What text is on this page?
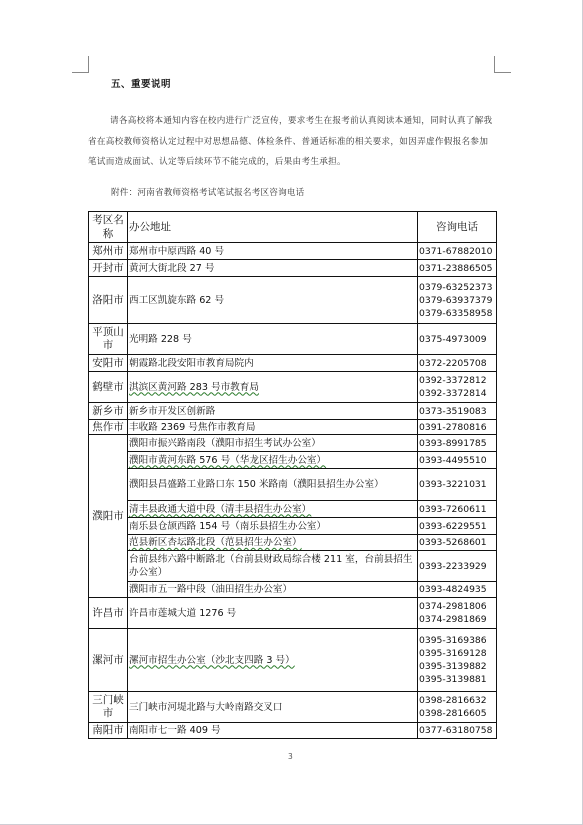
五、重要说明

请各高校将本通知内容在校内进行广泛宣传，要求考生在报考前认真阅读本通知，同时认真了解我省在高校教师资格认定过程中对思想品德、体检条件、普通话标准的相关要求，如因弄虚作假报名参加笔试而造成面试、认定等后续环节不能完成的，后果由考生承担。

附件：河南省教师资格考试笔试报名考区咨询电话
考区名称	办公地址	咨询电话
郑州市	郑州市中原西路 40 号	0371-67882010

开封市	黄河大街北段 27 号	0371-23886505

洛阳市	西工区凯旋东路 62 号	0379-63252373
0379-63937379
0379-63358958

平顶山市	光明路 228 号	0375-4973009

安阳市	朝霞路北段安阳市教育局院内	0372-2205708

鹤壁市	淇滨区黄河路 283 号市教育局	0392-3372812
0392-3372814

新乡市	新乡市开发区创新路	0373-3519083

焦作市	丰收路 2369 号焦作市教育局	0391-2780816

濮阳市	濮阳市振兴路南段（濮阳市招生考试办公室）	0393-8991785

	濮阳市黄河东路 576 号（华龙区招生办公室）	0393-4495510

	濮阳县昌盛路工业路口东 150 米路南（濮阳县招生办公室）	0393-3221031

	清丰县政通大道中段（清丰县招生办公室）	0393-7260611

	南乐县仓颉西路 154 号（南乐县招生办公室）	0393-6229551

	范县新区杏坛路北段（范县招生办公室）	0393-5268601

	台前县纬六路中断路北（台前县财政局综合楼 211 室，台前县招生办公室）	0393-2233929

	濮阳市五一路中段（油田招生办公室）	0393-4824935

许昌市	许昌市莲城大道 1276 号	0374-2981806
0374-2981869

漯河市	漯河市招生办公室（沙北支四路 3 号）	0395-3169386
0395-3169128
0395-3139882
0395-3139881

三门峡市	三门峡市河堤北路与大岭南路交叉口	0398-2816632
0398-2816605

南阳市	南阳市七一路 409 号	0377-63180758
3
